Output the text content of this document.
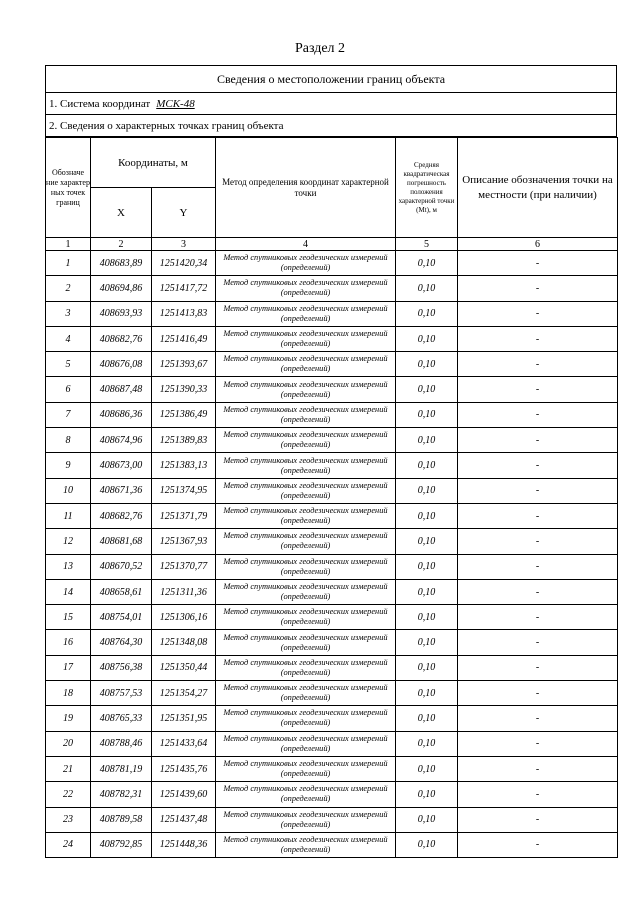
Раздел 2
Сведения о местоположении границ объекта
1. Система координат МСК-48
2. Сведения о характерных точках границ объекта
Обозначе ние характер ных точек границ	Координаты, м		Метод определения координат характерной точки	Средняя квадратическая погрешность положения характерной точки (Mt), м	Описание обозначения точки на местности (при наличии)
	X	Y			
1	2	3	4	5	6
1	408683,89	1251420,34	Метод спутниковых геодезических измерений (определений)	0,10	-
2	408694,86	1251417,72	Метод спутниковых геодезических измерений (определений)	0,10	-
3	408693,93	1251413,83	Метод спутниковых геодезических измерений (определений)	0,10	-
4	408682,76	1251416,49	Метод спутниковых геодезических измерений (определений)	0,10	-
5	408676,08	1251393,67	Метод спутниковых геодезических измерений (определений)	0,10	-
6	408687,48	1251390,33	Метод спутниковых геодезических измерений (определений)	0,10	-
7	408686,36	1251386,49	Метод спутниковых геодезических измерений (определений)	0,10	-
8	408674,96	1251389,83	Метод спутниковых геодезических измерений (определений)	0,10	-
9	408673,00	1251383,13	Метод спутниковых геодезических измерений (определений)	0,10	-
10	408671,36	1251374,95	Метод спутниковых геодезических измерений (определений)	0,10	-
11	408682,76	1251371,79	Метод спутниковых геодезических измерений (определений)	0,10	-
12	408681,68	1251367,93	Метод спутниковых геодезических измерений (определений)	0,10	-
13	408670,52	1251370,77	Метод спутниковых геодезических измерений (определений)	0,10	-
14	408658,61	1251311,36	Метод спутниковых геодезических измерений (определений)	0,10	-
15	408754,01	1251306,16	Метод спутниковых геодезических измерений (определений)	0,10	-
16	408764,30	1251348,08	Метод спутниковых геодезических измерений (определений)	0,10	-
17	408756,38	1251350,44	Метод спутниковых геодезических измерений (определений)	0,10	-
18	408757,53	1251354,27	Метод спутниковых геодезических измерений (определений)	0,10	-
19	408765,33	1251351,95	Метод спутниковых геодезических измерений (определений)	0,10	-
20	408788,46	1251433,64	Метод спутниковых геодезических измерений (определений)	0,10	-
21	408781,19	1251435,76	Метод спутниковых геодезических измерений (определений)	0,10	-
22	408782,31	1251439,60	Метод спутниковых геодезических измерений (определений)	0,10	-
23	408789,58	1251437,48	Метод спутниковых геодезических измерений (определений)	0,10	-
24	408792,85	1251448,36	Метод спутниковых геодезических измерений (определений)	0,10	-
